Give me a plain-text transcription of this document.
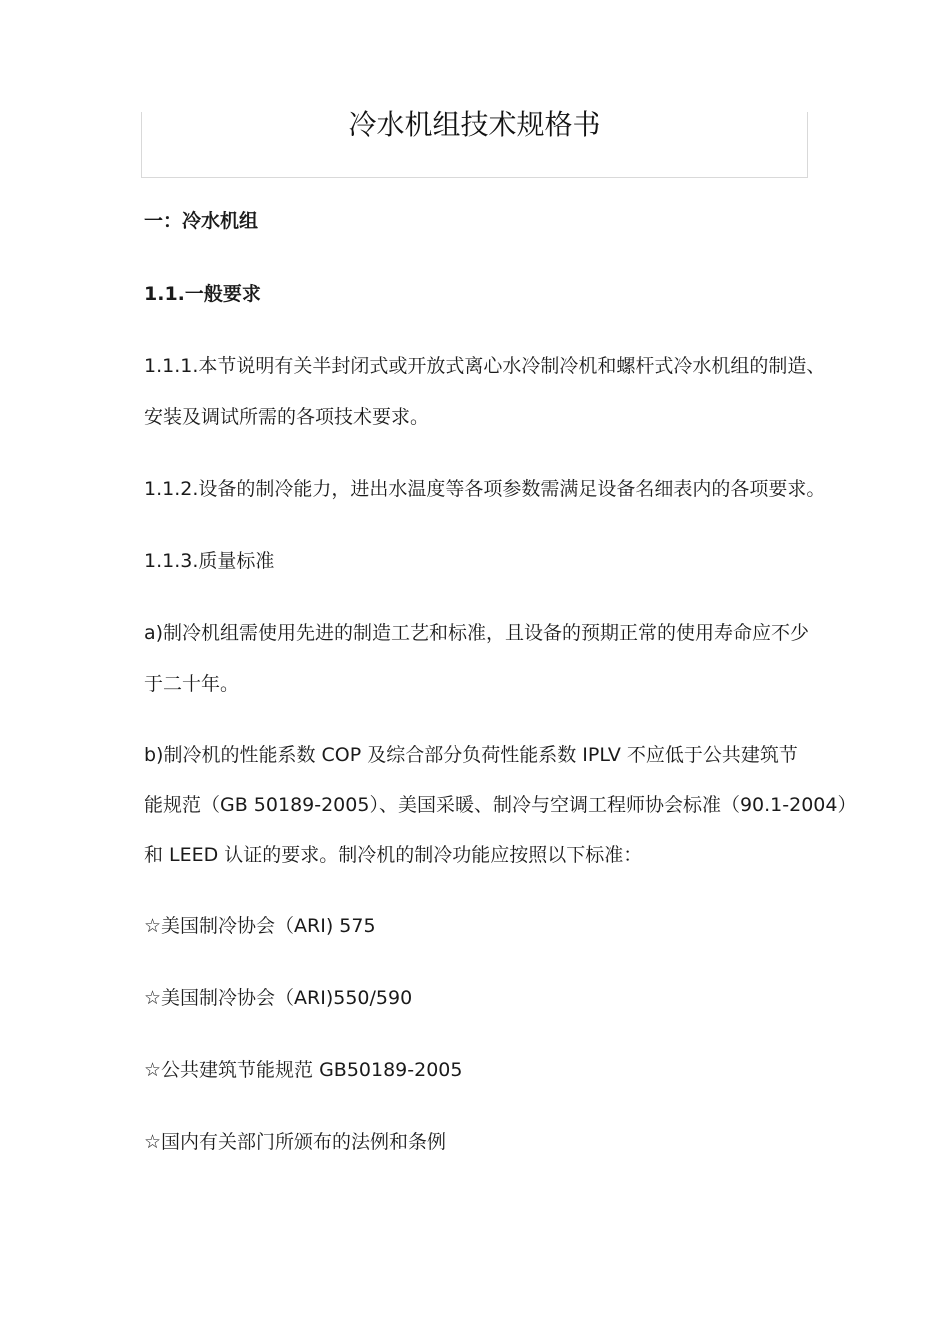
冷水机组技术规格书

一：冷水机组

1.1.一般要求

1.1.1.本节说明有关半封闭式或开放式离心水冷制冷机和螺杆式冷水机组的制造、

安装及调试所需的各项技术要求。

1.1.2.设备的制冷能力，进出水温度等各项参数需满足设备名细表内的各项要求。

1.1.3.质量标准

a)制冷机组需使用先进的制造工艺和标准，且设备的预期正常的使用寿命应不少

于二十年。

b)制冷机的性能系数 COP 及综合部分负荷性能系数 IPLV 不应低于公共建筑节

能规范（GB 50189-2005）、美国采暖、制冷与空调工程师协会标准（90.1-2004）

和 LEED 认证的要求。制冷机的制冷功能应按照以下标准：

☆美国制冷协会（ARI) 575

☆美国制冷协会（ARI)550/590

☆公共建筑节能规范 GB50189-2005

☆国内有关部门所颁布的法例和条例
